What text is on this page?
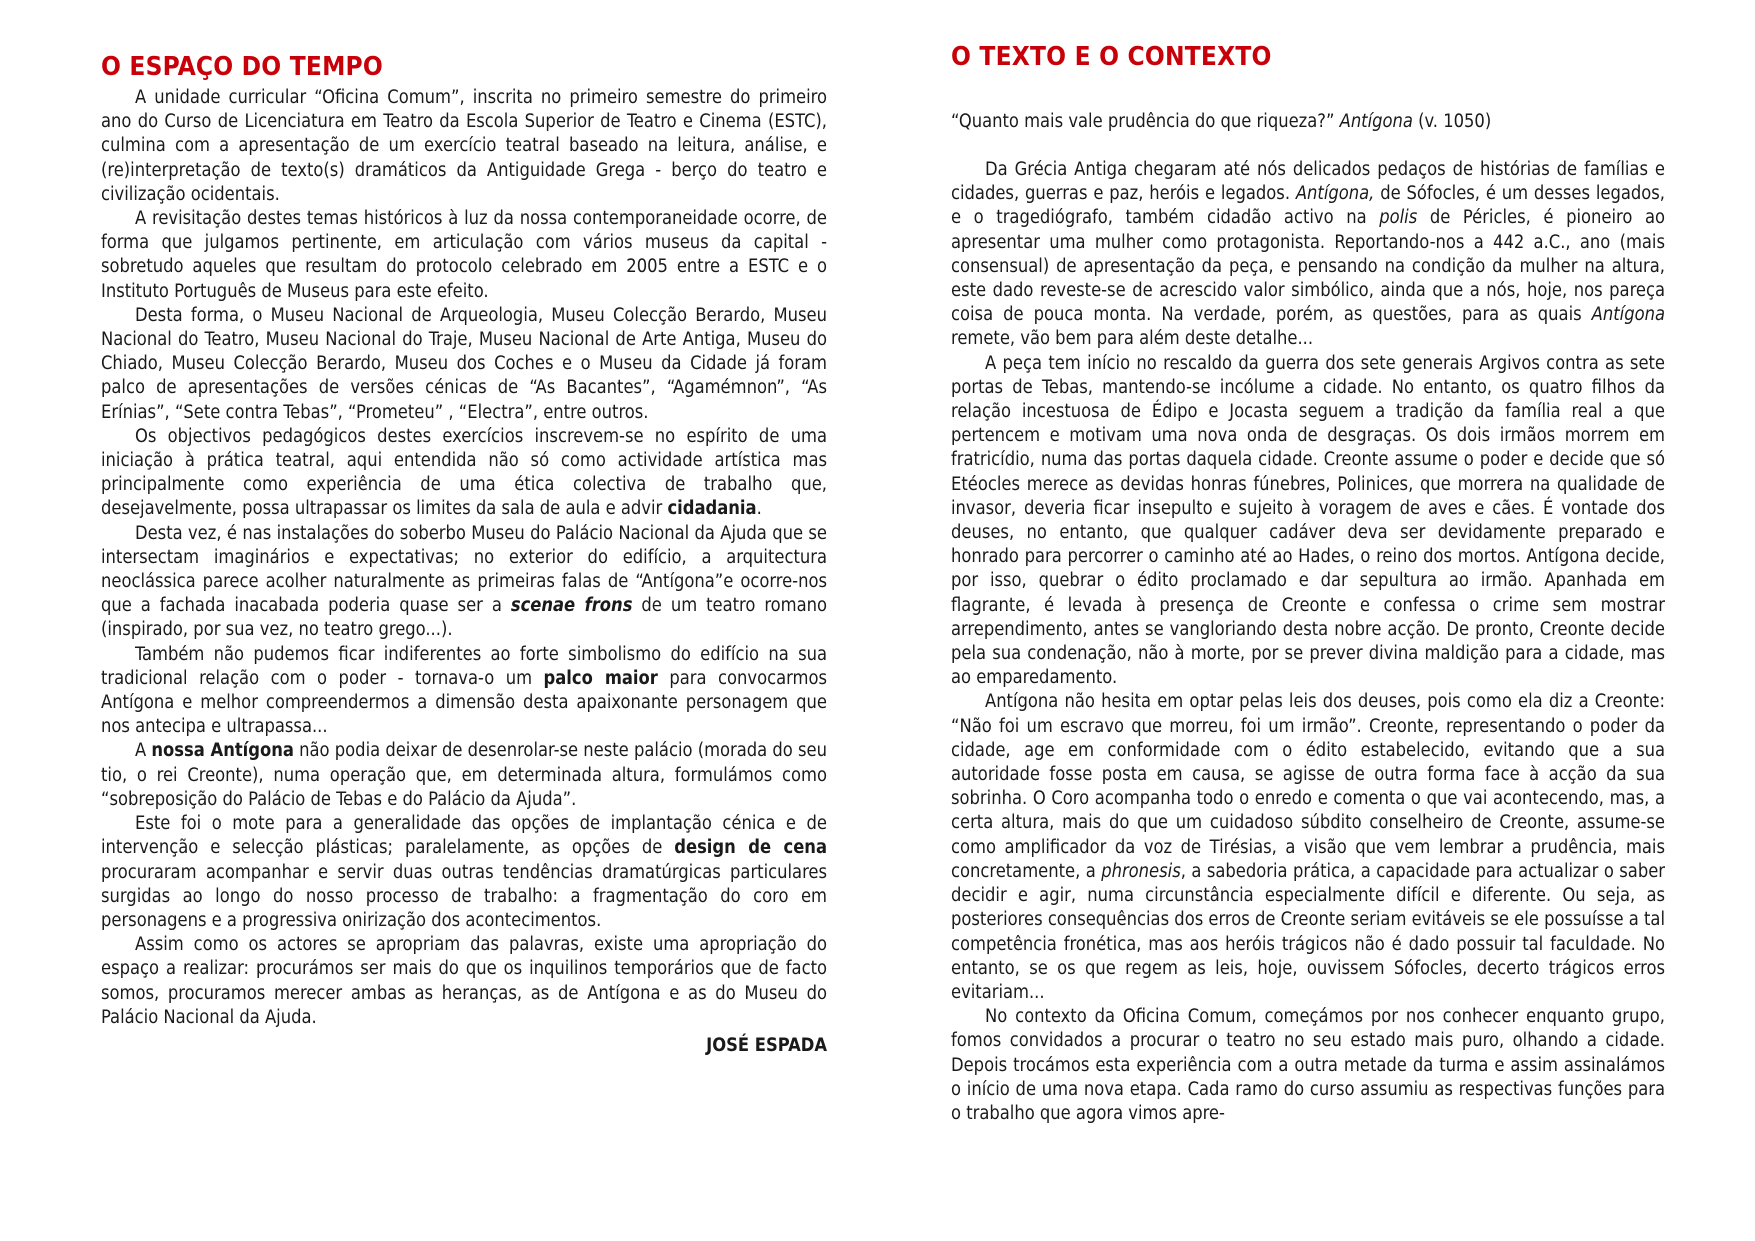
O ESPAÇO DO TEMPO

A unidade curricular “Oficina Comum”, inscrita no primeiro semestre do primeiro ano do Curso de Licenciatura em Teatro da Escola Superior de Teatro e Cinema (ESTC), culmina com a apresentação de um exercício teatral baseado na leitura, análise, e (re)interpretação de texto(s) dramáticos da Antiguidade Grega - berço do teatro e civilização ocidentais.

A revisitação destes temas históricos à luz da nossa contemporaneidade ocorre, de forma que julgamos pertinente, em articulação com vários museus da capital - sobretudo aqueles que resultam do protocolo celebrado em 2005 entre a ESTC e o Instituto Português de Museus para este efeito.

Desta forma, o Museu Nacional de Arqueologia, Museu Colecção Berardo, Museu Nacional do Teatro, Museu Nacional do Traje, Museu Nacional de Arte Antiga, Museu do Chiado, Museu Colecção Berardo, Museu dos Coches e o Museu da Cidade já foram palco de apresentações de versões cénicas de “As Bacantes”, “Agamémnon”, “As Erínias”, “Sete contra Tebas”, “Prometeu” , “Electra”, entre outros.

Os objectivos pedagógicos destes exercícios inscrevem-se no espírito de uma iniciação à prática teatral, aqui entendida não só como actividade artística mas principalmente como experiência de uma ética colectiva de trabalho que, desejavelmente, possa ultrapassar os limites da sala de aula e advir cidadania.

Desta vez, é nas instalações do soberbo Museu do Palácio Nacional da Ajuda que se intersectam imaginários e expectativas; no exterior do edifício, a arquitectura neoclássica parece acolher naturalmente as primeiras falas de “Antígona”e ocorre-nos que a fachada inacabada poderia quase ser a scenae frons de um teatro romano (inspirado, por sua vez, no teatro grego...).

Também não pudemos ficar indiferentes ao forte simbolismo do edifício na sua tradicional relação com o poder - tornava-o um palco maior para convocarmos Antígona e melhor compreendermos a dimensão desta apaixonante personagem que nos antecipa e ultrapassa...

A nossa Antígona não podia deixar de desenrolar-se neste palácio (morada do seu tio, o rei Creonte), numa operação que, em determinada altura, formulámos como “sobreposição do Palácio de Tebas e do Palácio da Ajuda”.

Este foi o mote para a generalidade das opções de implantação cénica e de intervenção e selecção plásticas; paralelamente, as opções de design de cena procuraram acompanhar e servir duas outras tendências dramatúrgicas particulares surgidas ao longo do nosso processo de trabalho: a fragmentação do coro em personagens e a progressiva onirização dos acontecimentos.

Assim como os actores se apropriam das palavras, existe uma apropriação do espaço a realizar: procurámos ser mais do que os inquilinos temporários que de facto somos, procuramos merecer ambas as heranças, as de Antígona e as do Museu do Palácio Nacional da Ajuda.

JOSÉ ESPADA

O TEXTO E O CONTEXTO
“Quanto mais vale prudência do que riqueza?” Antígona (v. 1050)

Da Grécia Antiga chegaram até nós delicados pedaços de histórias de famílias e cidades, guerras e paz, heróis e legados. Antígona, de Sófocles, é um desses legados, e o tragediógrafo, também cidadão activo na polis de Péricles, é pioneiro ao apresentar uma mulher como protagonista. Reportando-nos a 442 a.C., ano (mais consensual) de apresentação da peça, e pensando na condição da mulher na altura, este dado reveste-se de acrescido valor simbólico, ainda que a nós, hoje, nos pareça coisa de pouca monta. Na verdade, porém, as questões, para as quais Antígona remete, vão bem para além deste detalhe...

A peça tem início no rescaldo da guerra dos sete generais Argivos contra as sete portas de Tebas, mantendo-se incólume a cidade. No entanto, os quatro filhos da relação incestuosa de Édipo e Jocasta seguem a tradição da família real a que pertencem e motivam uma nova onda de desgraças. Os dois irmãos morrem em fratricídio, numa das portas daquela cidade. Creonte assume o poder e decide que só Etéocles merece as devidas honras fúnebres, Polinices, que morrera na qualidade de invasor, deveria ficar insepulto e sujeito à voragem de aves e cães. É vontade dos deuses, no entanto, que qualquer cadáver deva ser devidamente preparado e honrado para percorrer o caminho até ao Hades, o reino dos mortos. Antígona decide, por isso, quebrar o édito proclamado e dar sepultura ao irmão. Apanhada em flagrante, é levada à presença de Creonte e confessa o crime sem mostrar arrependimento, antes se vangloriando desta nobre acção. De pronto, Creonte decide pela sua condenação, não à morte, por se prever divina maldição para a cidade, mas ao emparedamento.

Antígona não hesita em optar pelas leis dos deuses, pois como ela diz a Creonte: “Não foi um escravo que morreu, foi um irmão”. Creonte, representando o poder da cidade, age em conformidade com o édito estabelecido, evitando que a sua autoridade fosse posta em causa, se agisse de outra forma face à acção da sua sobrinha. O Coro acompanha todo o enredo e comenta o que vai acontecendo, mas, a certa altura, mais do que um cuidadoso súbdito conselheiro de Creonte, assume-se como amplificador da voz de Tirésias, a visão que vem lembrar a prudência, mais concretamente, a phronesis, a sabedoria prática, a capacidade para actualizar o saber decidir e agir, numa circunstância especialmente difícil e diferente. Ou seja, as posteriores consequências dos erros de Creonte seriam evitáveis se ele possuísse a tal competência fronética, mas aos heróis trágicos não é dado possuir tal faculdade. No entanto, se os que regem as leis, hoje, ouvissem Sófocles, decerto trágicos erros evitariam...

No contexto da Oficina Comum, começámos por nos conhecer enquanto grupo, fomos convidados a procurar o teatro no seu estado mais puro, olhando a cidade. Depois trocámos esta experiência com a outra metade da turma e assim assinalámos o início de uma nova etapa. Cada ramo do curso assumiu as respectivas funções para o trabalho que agora vimos apre-
